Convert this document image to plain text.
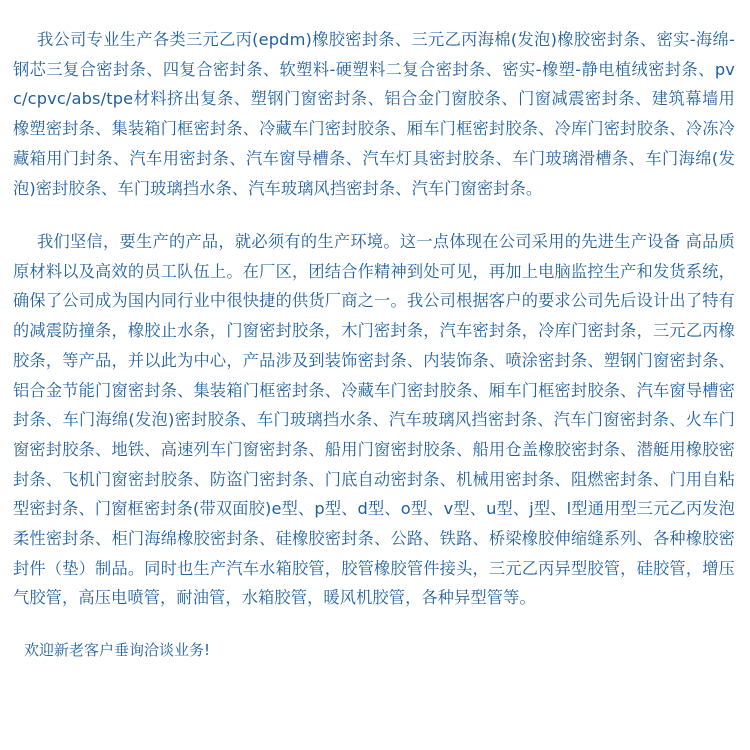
我公司专业生产各类三元乙丙(epdm)橡胶密封条、三元乙丙海棉(发泡)橡胶密封条、密实-海绵-钢芯三复合密封条、四复合密封条、软塑料-硬塑料二复合密封条、密实-橡塑-静电植绒密封条、pvc/cpvc/abs/tpe材料挤出复条、塑钢门窗密封条、铝合金门窗胶条、门窗减震密封条、建筑幕墙用橡塑密封条、集装箱门框密封条、冷藏车门密封胶条、厢车门框密封胶条、冷库门密封胶条、冷冻冷藏箱用门封条、汽车用密封条、汽车窗导槽条、汽车灯具密封胶条、车门玻璃滑槽条、车门海绵(发泡)密封胶条、车门玻璃挡水条、汽车玻璃风挡密封条、汽车门窗密封条。

我们坚信，要生产的产品，就必须有的生产环境。这一点体现在公司采用的先进生产设备 高品质原材料以及高效的员工队伍上。在厂区，团结合作精神到处可见，再加上电脑监控生产和发货系统，确保了公司成为国内同行业中很快捷的供货厂商之一。我公司根据客户的要求公司先后设计出了特有的减震防撞条，橡胶止水条，门窗密封胶条，木门密封条，汽车密封条，冷库门密封条，三元乙丙橡胶条，等产品，并以此为中心，产品涉及到装饰密封条、内装饰条、喷涂密封条、塑钢门窗密封条、铝合金节能门窗密封条、集装箱门框密封条、冷藏车门密封胶条、厢车门框密封胶条、汽车窗导槽密封条、车门海绵(发泡)密封胶条、车门玻璃挡水条、汽车玻璃风挡密封条、汽车门窗密封条、火车门窗密封胶条、地铁、高速列车门窗密封条、船用门窗密封胶条、船用仓盖橡胶密封条、潜艇用橡胶密封条、飞机门窗密封胶条、防盗门密封条、门底自动密封条、机械用密封条、阻燃密封条、门用自粘型密封条、门窗框密封条(带双面胶)e型、p型、d型、o型、v型、u型、j型、l型通用型三元乙丙发泡柔性密封条、柜门海绵橡胶密封条、硅橡胶密封条、公路、铁路、桥梁橡胶伸缩缝系列、各种橡胶密封件（垫）制品。同时也生产汽车水箱胶管，胶管橡胶管件接头，三元乙丙异型胶管，硅胶管，增压气胶管，高压电喷管，耐油管，水箱胶管，暖风机胶管，各种异型管等。

欢迎新老客户垂询洽谈业务!
